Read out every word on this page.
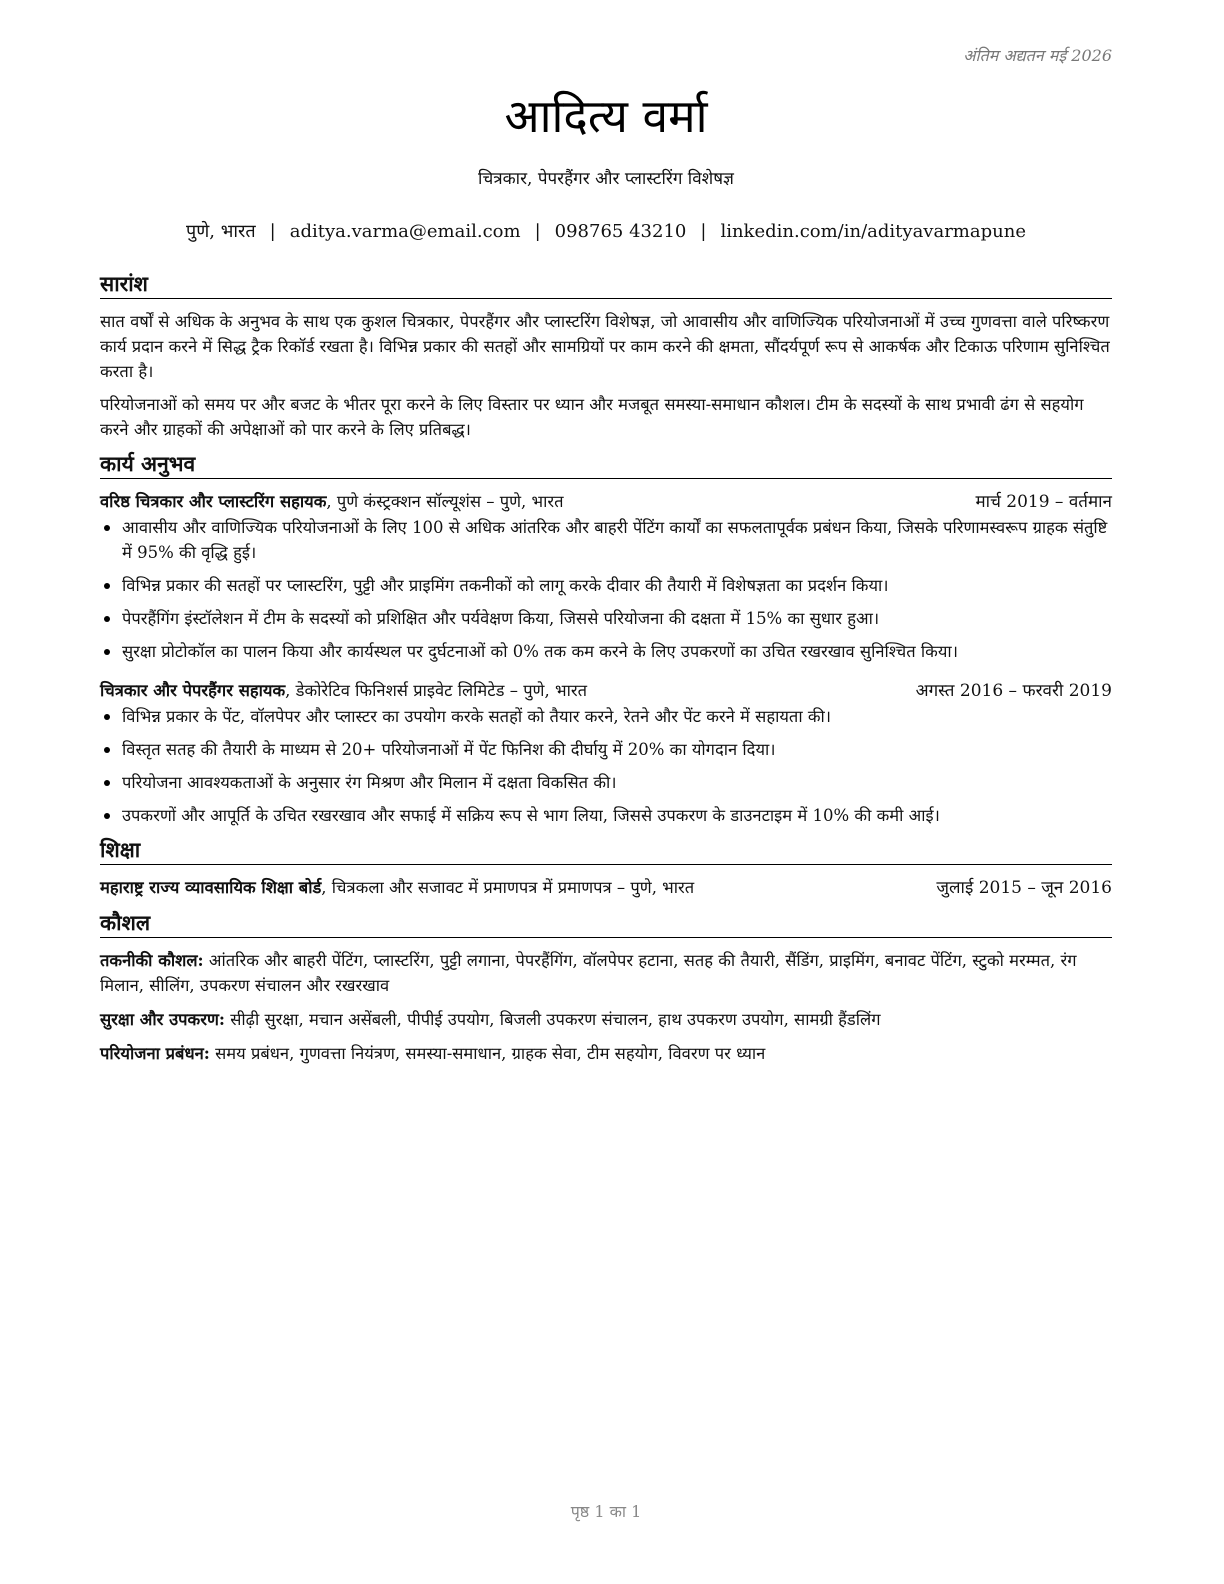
अंतिम अद्यतन मई 2026
आदित्य वर्मा
चित्रकार, पेपरहैंगर और प्लास्टरिंग विशेषज्ञ
पुणे, भारत | aditya.varma@email.com | 098765 43210 | linkedin.com/in/adityavarmapune
सारांश

सात वर्षों से अधिक के अनुभव के साथ एक कुशल चित्रकार, पेपरहैंगर और प्लास्टरिंग विशेषज्ञ, जो आवासीय और वाणिज्यिक परियोजनाओं में उच्च गुणवत्ता वाले परिष्करण कार्य प्रदान करने में सिद्ध ट्रैक रिकॉर्ड रखता है। विभिन्न प्रकार की सतहों और सामग्रियों पर काम करने की क्षमता, सौंदर्यपूर्ण रूप से आकर्षक और टिकाऊ परिणाम सुनिश्चित करता है।

परियोजनाओं को समय पर और बजट के भीतर पूरा करने के लिए विस्तार पर ध्यान और मजबूत समस्या-समाधान कौशल। टीम के सदस्यों के साथ प्रभावी ढंग से सहयोग करने और ग्राहकों की अपेक्षाओं को पार करने के लिए प्रतिबद्ध।

कार्य अनुभव
वरिष्ठ चित्रकार और प्लास्टरिंग सहायक, पुणे कंस्ट्रक्शन सॉल्यूशंस – पुणे, भारत	मार्च 2019 – वर्तमान
आवासीय और वाणिज्यिक परियोजनाओं के लिए 100 से अधिक आंतरिक और बाहरी पेंटिंग कार्यों का सफलतापूर्वक प्रबंधन किया, जिसके परिणामस्वरूप ग्राहक संतुष्टि में 95% की वृद्धि हुई।
विभिन्न प्रकार की सतहों पर प्लास्टरिंग, पुट्टी और प्राइमिंग तकनीकों को लागू करके दीवार की तैयारी में विशेषज्ञता का प्रदर्शन किया।
पेपरहैंगिंग इंस्टॉलेशन में टीम के सदस्यों को प्रशिक्षित और पर्यवेक्षण किया, जिससे परियोजना की दक्षता में 15% का सुधार हुआ।
सुरक्षा प्रोटोकॉल का पालन किया और कार्यस्थल पर दुर्घटनाओं को 0% तक कम करने के लिए उपकरणों का उचित रखरखाव सुनिश्चित किया।
चित्रकार और पेपरहैंगर सहायक, डेकोरेटिव फिनिशर्स प्राइवेट लिमिटेड – पुणे, भारत	अगस्त 2016 – फरवरी 2019
विभिन्न प्रकार के पेंट, वॉलपेपर और प्लास्टर का उपयोग करके सतहों को तैयार करने, रेतने और पेंट करने में सहायता की।
विस्तृत सतह की तैयारी के माध्यम से 20+ परियोजनाओं में पेंट फिनिश की दीर्घायु में 20% का योगदान दिया।
परियोजना आवश्यकताओं के अनुसार रंग मिश्रण और मिलान में दक्षता विकसित की।
उपकरणों और आपूर्ति के उचित रखरखाव और सफाई में सक्रिय रूप से भाग लिया, जिससे उपकरण के डाउनटाइम में 10% की कमी आई।
शिक्षा
महाराष्ट्र राज्य व्यावसायिक शिक्षा बोर्ड, चित्रकला और सजावट में प्रमाणपत्र में प्रमाणपत्र – पुणे, भारत	जुलाई 2015 – जून 2016
कौशल

तकनीकी कौशल: आंतरिक और बाहरी पेंटिंग, प्लास्टरिंग, पुट्टी लगाना, पेपरहैंगिंग, वॉलपेपर हटाना, सतह की तैयारी, सैंडिंग, प्राइमिंग, बनावट पेंटिंग, स्टुको मरम्मत, रंग मिलान, सीलिंग, उपकरण संचालन और रखरखाव

सुरक्षा और उपकरण: सीढ़ी सुरक्षा, मचान असेंबली, पीपीई उपयोग, बिजली उपकरण संचालन, हाथ उपकरण उपयोग, सामग्री हैंडलिंग

परियोजना प्रबंधन: समय प्रबंधन, गुणवत्ता नियंत्रण, समस्या-समाधान, ग्राहक सेवा, टीम सहयोग, विवरण पर ध्यान

पृष्ठ 1 का 1
